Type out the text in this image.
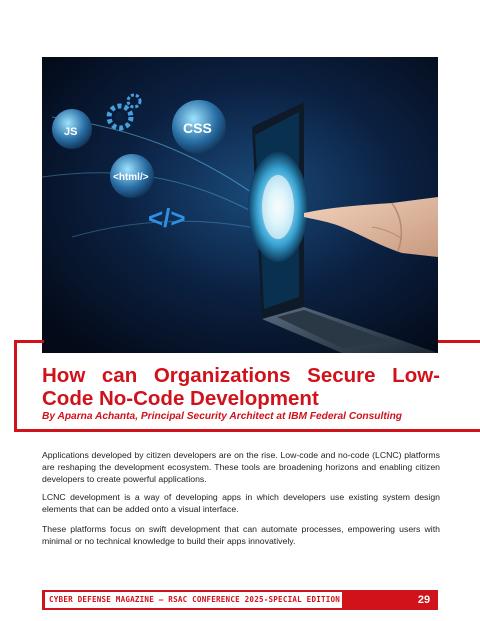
JS	CSS
<html/>
</>
How can Organizations Secure Low-Code No-Code Development

By Aparna Achanta, Principal Security Architect at IBM Federal Consulting

Applications developed by citizen developers are on the rise. Low-code and no-code (LCNC) platforms are reshaping the development ecosystem. These tools are broadening horizons and enabling citizen developers to create powerful applications.

LCNC development is a way of developing apps in which developers use existing system design elements that can be added onto a visual interface.

These platforms focus on swift development that can automate processes, empowering users with minimal or no technical knowledge to build their apps innovatively.

CYBER DEFENSE MAGAZINE – RSAC CONFERENCE 2025-SPECIAL EDITION	29
